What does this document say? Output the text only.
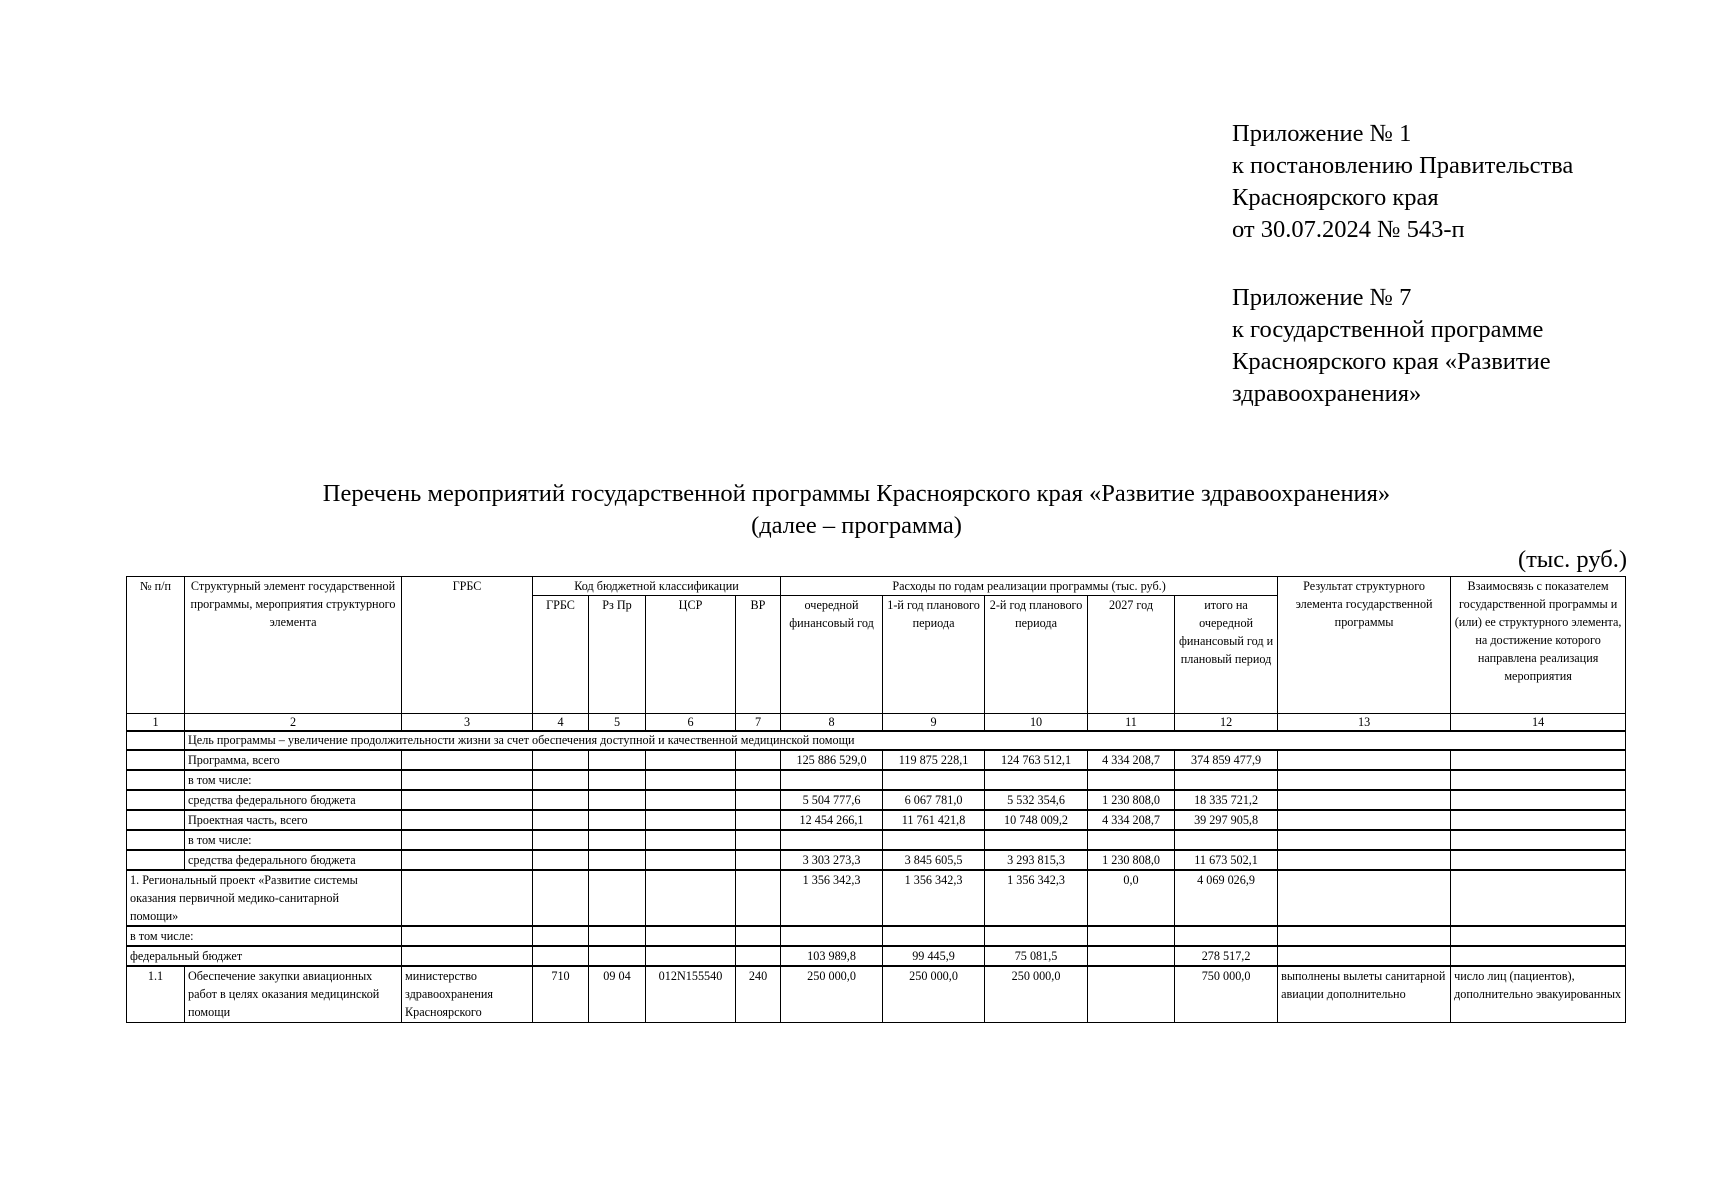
Приложение № 1
к постановлению Правительства
Красноярского края
от 30.07.2024 № 543-п
Приложение № 7
к государственной программе
Красноярского края «Развитие
здравоохранения»
Перечень мероприятий государственной программы Красноярского края «Развитие здравоохранения»
(далее – программа)
(тыс. руб.)
№ п/п	Структурный элемент государственной программы, мероприятия структурного элемента	ГРБС	Код бюджетной классификации				Расходы по годам реализации программы (тыс. руб.)					Результат структурного элемента государственной программы	Взаимосвязь с показателем государственной программы и (или) ее структурного элемента, на достижение которого направлена реализация мероприятия
			ГРБС	Рз Пр	ЦСР	ВР	очередной финансовый год	1-й год планового периода	2-й год планового периода	2027 год	итого на очередной финансовый год и плановый период		
1	2	3	4	5	6	7	8	9	10	11	12	13	14
	Цель программы – увеличение продолжительности жизни за счет обеспечения доступной и качественной медицинской помощи												
	Программа, всего						125 886 529,0	119 875 228,1	124 763 512,1	4 334 208,7	374 859 477,9		
	в том числе:												
	средства федерального бюджета						5 504 777,6	6 067 781,0	5 532 354,6	1 230 808,0	18 335 721,2		
	Проектная часть, всего						12 454 266,1	11 761 421,8	10 748 009,2	4 334 208,7	39 297 905,8		
	в том числе:												
	средства федерального бюджета						3 303 273,3	3 845 605,5	3 293 815,3	1 230 808,0	11 673 502,1		
1. Региональный проект «Развитие системы оказания первичной медико-санитарной помощи»							1 356 342,3	1 356 342,3	1 356 342,3	0,0	4 069 026,9		
в том числе:													
федеральный бюджет							103 989,8	99 445,9	75 081,5		278 517,2		
1.1	Обеспечение закупки авиационных работ в целях оказания медицинской помощи	министерство здравоохранения Красноярского	710	09 04	012N155540	240	250 000,0	250 000,0	250 000,0		750 000,0	выполнены вылеты санитарной авиации дополнительно	число лиц (пациентов), дополнительно эвакуированных
